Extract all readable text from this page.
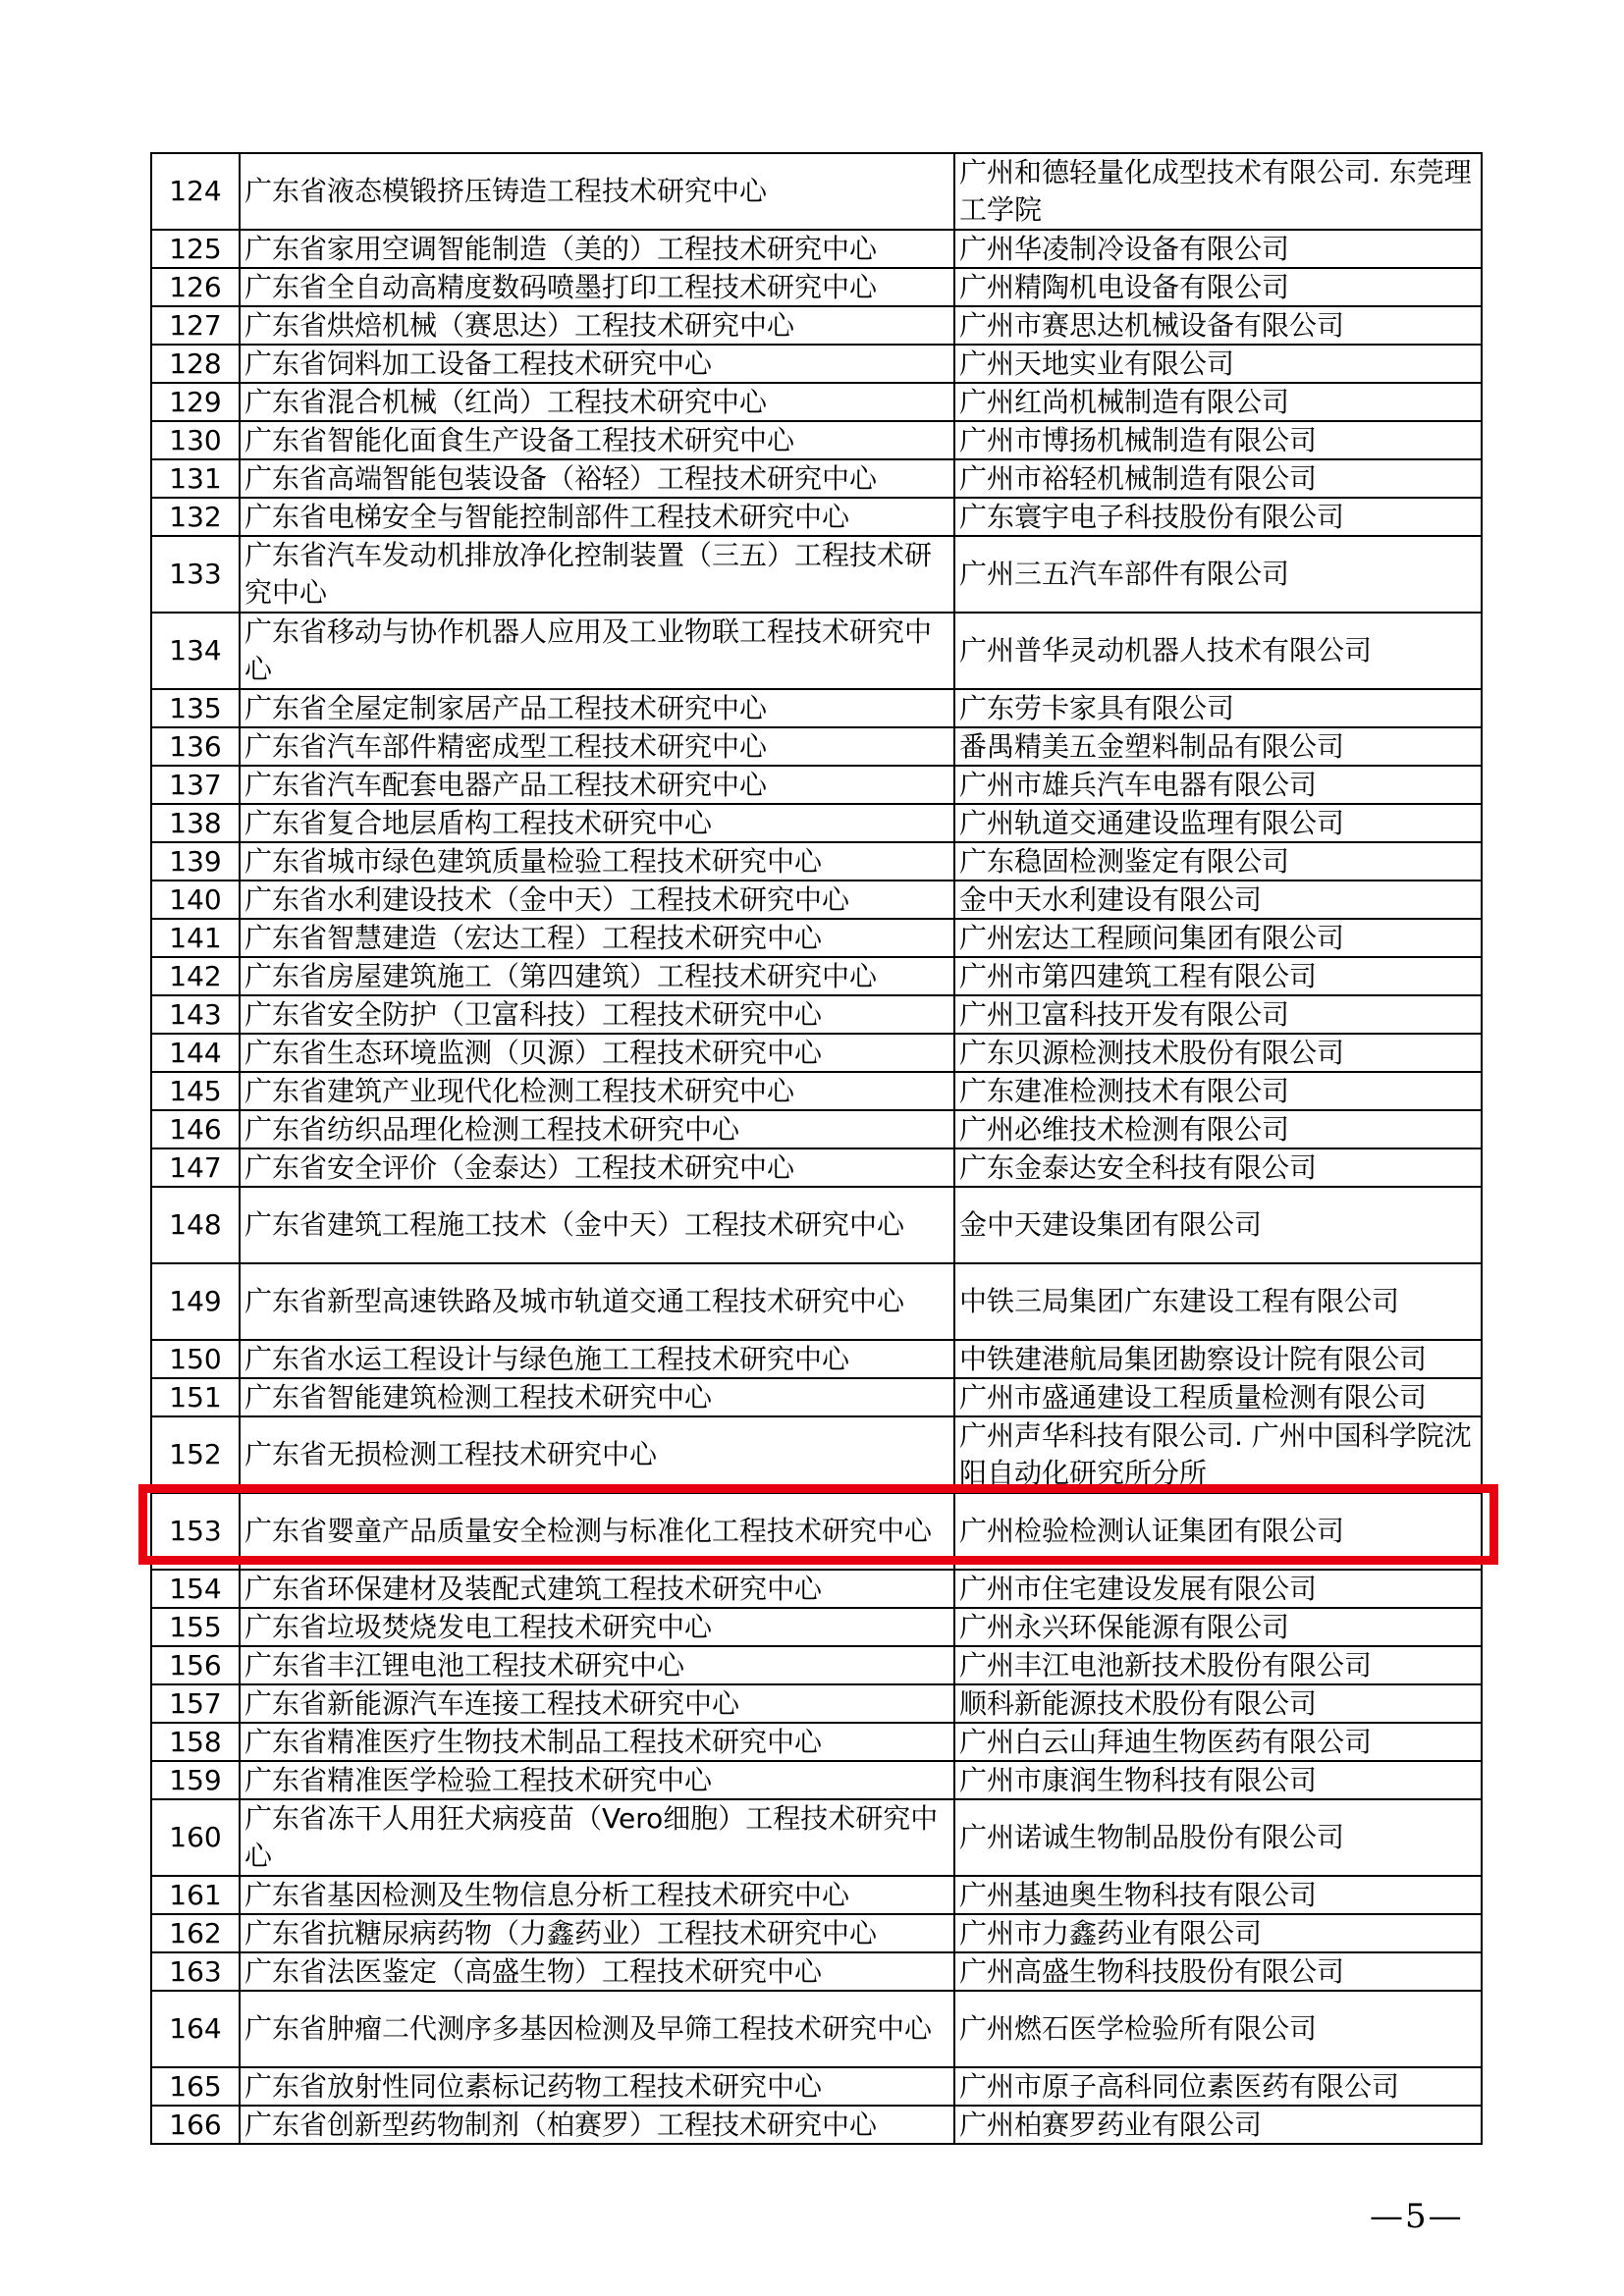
124	广东省液态模锻挤压铸造工程技术研究中心	广州和德轻量化成型技术有限公司. 东莞理工学院
125	广东省家用空调智能制造（美的）工程技术研究中心	广州华凌制冷设备有限公司
126	广东省全自动高精度数码喷墨打印工程技术研究中心	广州精陶机电设备有限公司
127	广东省烘焙机械（赛思达）工程技术研究中心	广州市赛思达机械设备有限公司
128	广东省饲料加工设备工程技术研究中心	广州天地实业有限公司
129	广东省混合机械（红尚）工程技术研究中心	广州红尚机械制造有限公司
130	广东省智能化面食生产设备工程技术研究中心	广州市博扬机械制造有限公司
131	广东省高端智能包装设备（裕轻）工程技术研究中心	广州市裕轻机械制造有限公司
132	广东省电梯安全与智能控制部件工程技术研究中心	广东寰宇电子科技股份有限公司
133	广东省汽车发动机排放净化控制装置（三五）工程技术研究中心	广州三五汽车部件有限公司
134	广东省移动与协作机器人应用及工业物联工程技术研究中心	广州普华灵动机器人技术有限公司
135	广东省全屋定制家居产品工程技术研究中心	广东劳卡家具有限公司
136	广东省汽车部件精密成型工程技术研究中心	番禺精美五金塑料制品有限公司
137	广东省汽车配套电器产品工程技术研究中心	广州市雄兵汽车电器有限公司
138	广东省复合地层盾构工程技术研究中心	广州轨道交通建设监理有限公司
139	广东省城市绿色建筑质量检验工程技术研究中心	广东稳固检测鉴定有限公司
140	广东省水利建设技术（金中天）工程技术研究中心	金中天水利建设有限公司
141	广东省智慧建造（宏达工程）工程技术研究中心	广州宏达工程顾问集团有限公司
142	广东省房屋建筑施工（第四建筑）工程技术研究中心	广州市第四建筑工程有限公司
143	广东省安全防护（卫富科技）工程技术研究中心	广州卫富科技开发有限公司
144	广东省生态环境监测（贝源）工程技术研究中心	广东贝源检测技术股份有限公司
145	广东省建筑产业现代化检测工程技术研究中心	广东建准检测技术有限公司
146	广东省纺织品理化检测工程技术研究中心	广州必维技术检测有限公司
147	广东省安全评价（金泰达）工程技术研究中心	广东金泰达安全科技有限公司
148	广东省建筑工程施工技术（金中天）工程技术研究中心	金中天建设集团有限公司
149	广东省新型高速铁路及城市轨道交通工程技术研究中心	中铁三局集团广东建设工程有限公司
150	广东省水运工程设计与绿色施工工程技术研究中心	中铁建港航局集团勘察设计院有限公司
151	广东省智能建筑检测工程技术研究中心	广州市盛通建设工程质量检测有限公司
152	广东省无损检测工程技术研究中心	广州声华科技有限公司. 广州中国科学院沈阳自动化研究所分所
153	广东省婴童产品质量安全检测与标准化工程技术研究中心	广州检验检测认证集团有限公司
154	广东省环保建材及装配式建筑工程技术研究中心	广州市住宅建设发展有限公司
155	广东省垃圾焚烧发电工程技术研究中心	广州永兴环保能源有限公司
156	广东省丰江锂电池工程技术研究中心	广州丰江电池新技术股份有限公司
157	广东省新能源汽车连接工程技术研究中心	顺科新能源技术股份有限公司
158	广东省精准医疗生物技术制品工程技术研究中心	广州白云山拜迪生物医药有限公司
159	广东省精准医学检验工程技术研究中心	广州市康润生物科技有限公司
160	广东省冻干人用狂犬病疫苗（Vero细胞）工程技术研究中心	广州诺诚生物制品股份有限公司
161	广东省基因检测及生物信息分析工程技术研究中心	广州基迪奥生物科技有限公司
162	广东省抗糖尿病药物（力鑫药业）工程技术研究中心	广州市力鑫药业有限公司
163	广东省法医鉴定（高盛生物）工程技术研究中心	广州高盛生物科技股份有限公司
164	广东省肿瘤二代测序多基因检测及早筛工程技术研究中心	广州燃石医学检验所有限公司
165	广东省放射性同位素标记药物工程技术研究中心	广州市原子高科同位素医药有限公司
166	广东省创新型药物制剂（柏赛罗）工程技术研究中心	广州柏赛罗药业有限公司
—5—
